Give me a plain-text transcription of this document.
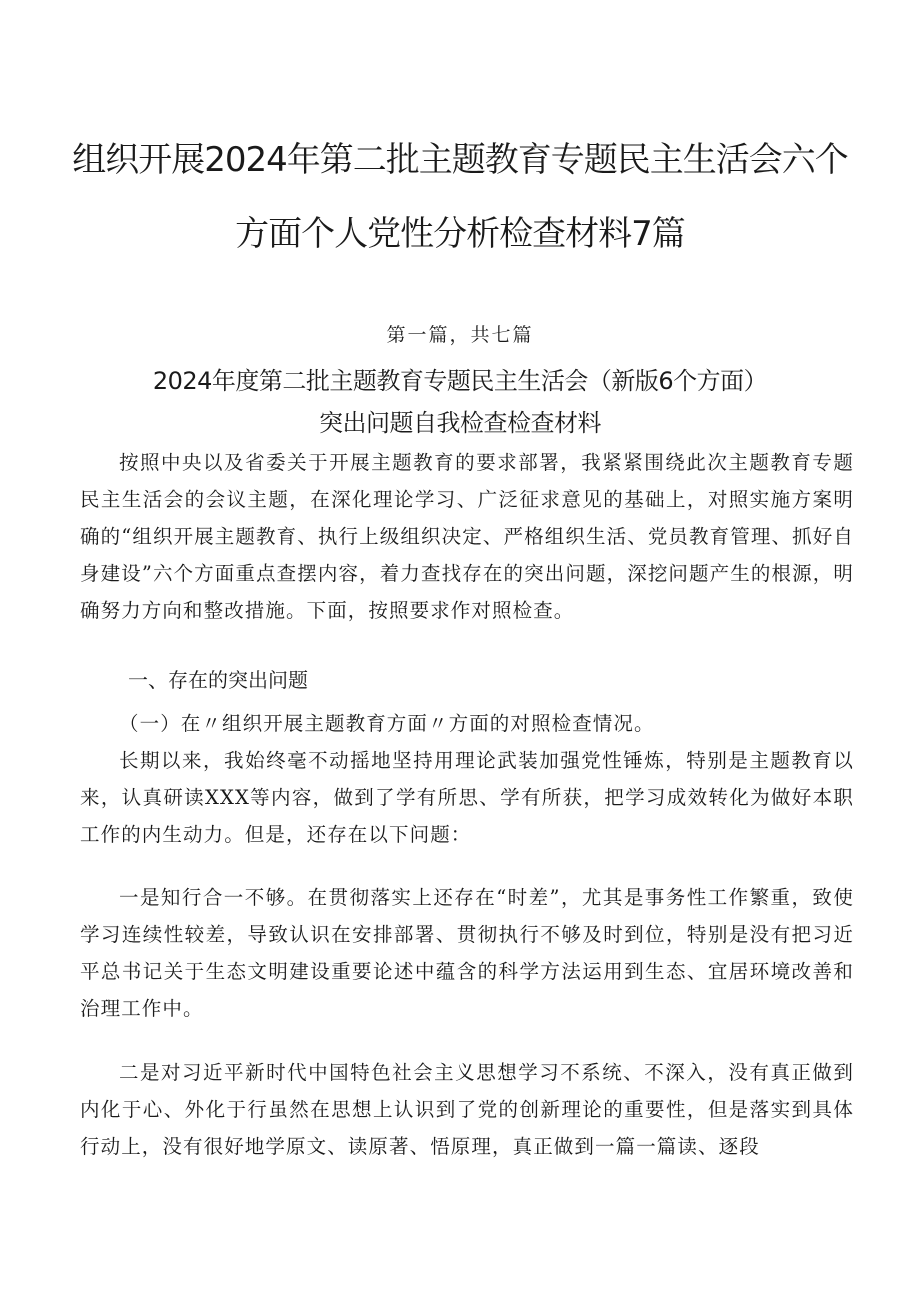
组织开展2024年第二批主题教育专题民主生活会六个
方面个人党性分析检查材料7篇
第一篇，共七篇
2024年度第二批主题教育专题民主生活会（新版6个方面）
突出问题自我检查检查材料

按照中央以及省委关于开展主题教育的要求部署，我紧紧围绕此次主题教育专题民主生活会的会议主题，在深化理论学习、广泛征求意见的基础上，对照实施方案明确的“组织开展主题教育、执行上级组织决定、严格组织生活、党员教育管理、抓好自身建设”六个方面重点查摆内容，着力查找存在的突出问题，深挖问题产生的根源，明确努力方向和整改措施。下面，按照要求作对照检查。

一、存在的突出问题

（一）在〃组织开展主题教育方面〃方面的对照检查情况。

长期以来，我始终毫不动摇地坚持用理论武装加强党性锤炼，特别是主题教育以来，认真研读XXX等内容，做到了学有所思、学有所获，把学习成效转化为做好本职工作的内生动力。但是，还存在以下问题：

一是知行合一不够。在贯彻落实上还存在“时差”，尤其是事务性工作繁重，致使学习连续性较差，导致认识在安排部署、贯彻执行不够及时到位，特别是没有把习近平总书记关于生态文明建设重要论述中蕴含的科学方法运用到生态、宜居环境改善和治理工作中。

二是对习近平新时代中国特色社会主义思想学习不系统、不深入，没有真正做到内化于心、外化于行虽然在思想上认识到了党的创新理论的重要性，但是落实到具体行动上，没有很好地学原文、读原著、悟原理，真正做到一篇一篇读、逐段
